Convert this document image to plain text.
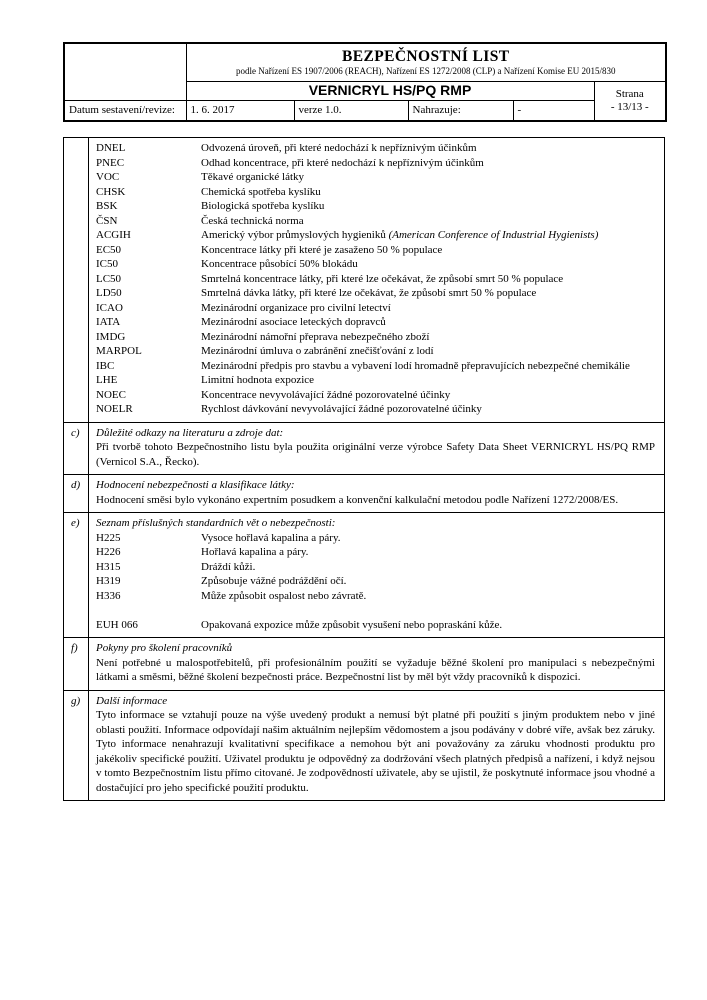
	BEZPEČNOSTNÍ LIST
podle Nařízení ES 1907/2006 (REACH), Nařízení ES 1272/2008 (CLP) a Nařízení Komise EU 2015/830				

	VERNICRYL HS/PQ RMP				Strana
- 13/13 -

Datum sestavení/revize:	1. 6. 2017	verze 1.0.	Nahrazuje:	-	
DNEL	Odvozená úroveň, při které nedochází k nepříznivým účinkům
PNEC	Odhad koncentrace, při které nedochází k nepříznivým účinkům
VOC	Těkavé organické látky
CHSK	Chemická spotřeba kyslíku
BSK	Biologická spotřeba kyslíku
ČSN	Česká technická norma
ACGIH	Americký výbor průmyslových hygieniků (American Conference of Industrial Hygienists)
EC50	Koncentrace látky při které je zasaženo 50 % populace
IC50	Koncentrace působící 50% blokádu
LC50	Smrtelná koncentrace látky, při které lze očekávat, že způsobí smrt 50 % populace
LD50	Smrtelná dávka látky, při které lze očekávat, že způsobí smrt 50 % populace
ICAO	Mezinárodní organizace pro civilní letectví
IATA	Mezinárodní asociace leteckých dopravců
IMDG	Mezinárodní námořní přeprava nebezpečného zboží
MARPOL	Mezinárodní úmluva o zabránění znečišťování z lodí
IBC	Mezinárodní předpis pro stavbu a vybavení lodí hromadně přepravujících nebezpečné chemikálie
LHE	Limitní hodnota expozice
NOEC	Koncentrace nevyvolávající žádné pozorovatelné účinky
NOELR	Rychlost dávkování nevyvolávající žádné pozorovatelné účinky
c)	Důležité odkazy na literaturu a zdroje dat:

Při tvorbě tohoto Bezpečnostního listu byla použita originální verze výrobce Safety Data Sheet VERNICRYL HS/PQ RMP (Vernicol S.A., Řecko).

d)	Hodnocení nebezpečnosti a klasifikace látky:

Hodnocení směsi bylo vykonáno expertním posudkem a konvenční kalkulační metodou podle Nařízení 1272/2008/ES.

e)	Seznam příslušných standardních vět o nebezpečnosti:
H225	Vysoce hořlavá kapalina a páry.
H226	Hořlavá kapalina a páry.
H315	Dráždí kůži.
H319	Způsobuje vážné podráždění očí.
H336	Může způsobit ospalost nebo závratě.
EUH 066	Opakovaná expozice může způsobit vysušení nebo popraskání kůže.
f)	Pokyny pro školení pracovníků

Není potřebné u malospotřebitelů, při profesionálním použití se vyžaduje běžné školení pro manipulaci s nebezpečnými látkami a směsmi, běžné školení bezpečnosti práce. Bezpečnostní list by měl být vždy pracovníků k dispozici.

g)	Další informace

Tyto informace se vztahují pouze na výše uvedený produkt a nemusí být platné při použití s jiným produktem nebo v jiné oblasti použití. Informace odpovídají našim aktuálním nejlepším vědomostem a jsou podávány v dobré víře, avšak bez záruky. Tyto informace nenahrazují kvalitativní specifikace a nemohou být ani považovány za záruku vhodnosti produktu pro jakékoliv specifické použití. Uživatel produktu je odpovědný za dodržování všech platných předpisů a nařízení, i když nejsou v tomto Bezpečnostním listu přímo citované. Je zodpovědností uživatele, aby se ujistil, že poskytnuté informace jsou vhodné a dostačující pro jeho specifické použití produktu.
